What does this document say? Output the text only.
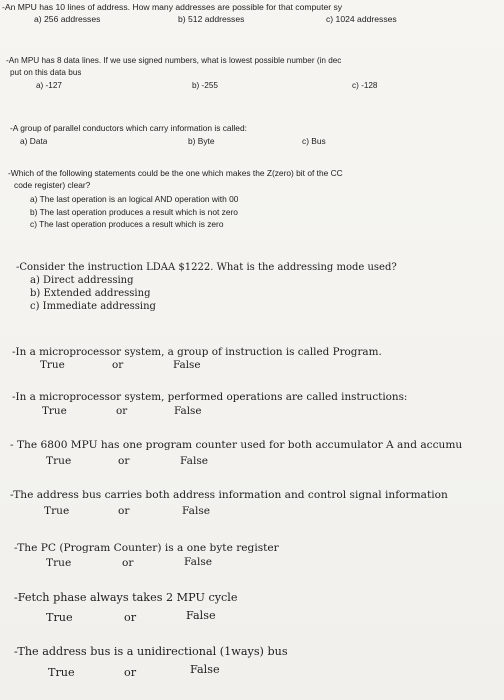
-An MPU has 10 lines of address. How many addresses are possible for that computer sy
a) 256 addresses	b) 512 addresses	c) 1024 addresses
-An MPU has 8 data lines. If we use signed numbers, what is lowest possible number (in dec
put on this data bus
a) -127	b) -255	c) -128
-A group of parallel conductors which carry information is called:
a) Data	b) Byte	c) Bus
-Which of the following statements could be the one which makes the Z(zero) bit of the CC
code register) clear?
a) The last operation is an logical AND operation with 00
b) The last operation produces a result which is not zero
c) The last operation produces a result which is zero
-Consider the instruction LDAA $1222. What is the addressing mode used?
a) Direct addressing
b) Extended addressing
c) Immediate addressing
-In a microprocessor system, a group of instruction is called Program.
True	or	False
-In a microprocessor system, performed operations are called instructions:
True	or	False
- The 6800 MPU has one program counter used for both accumulator A and accumu
True	or	False
-The address bus carries both address information and control signal information
True	or	False
-The PC (Program Counter) is a one byte register
True	or	False
-Fetch phase always takes 2 MPU cycle
True	or	False
-The address bus is a unidirectional (1ways) bus
True	or	False
